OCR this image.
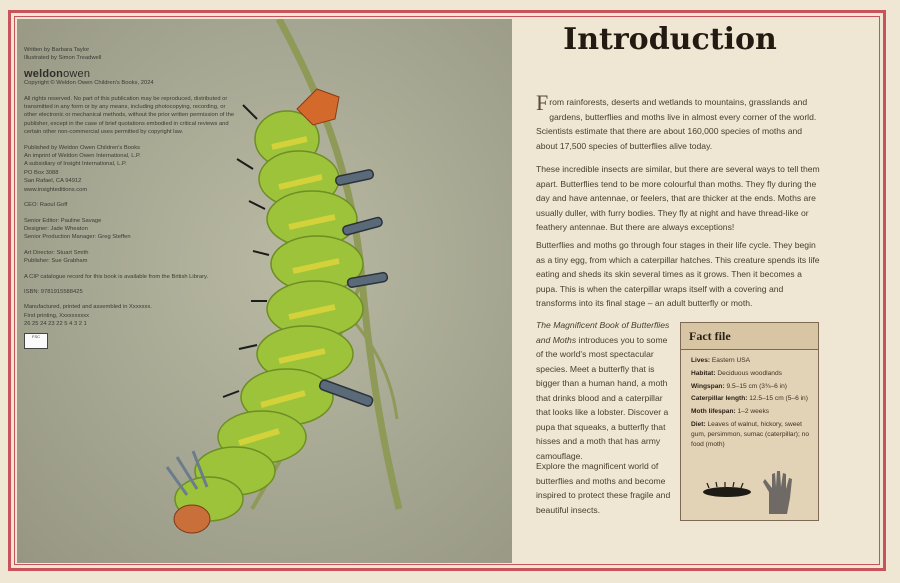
Written by Barbara Taylor
Illustrated by Simon Treadwell

weldonowen

Copyright © Weldon Owen Children's Books, 2024

All rights reserved. No part of this publication may be reproduced, distributed or transmitted in any form or by any means, including photocopying, recording, or other electronic or mechanical methods, without the prior written permission of the publisher, except in the case of brief quotations embodied in critical reviews and certain other non-commercial uses permitted by copyright law.

Published by Weldon Owen Children's Books
An imprint of Weldon Owen International, L.P.
A subsidiary of Insight International, L.P.
PO Box 3088
San Rafael, CA 94912
www.insighteditions.com

CEO: Raoul Goff

Senior Editor: Pauline Savage
Designer: Jade Wheaton
Senior Production Manager: Greg Steffen

Art Director: Stuart Smith
Publisher: Sue Grabham

A CIP catalogue record for this book is available from the British Library.

ISBN: 9781915588425

Manufactured, printed and assembled in Xxxxxxx.
First printing, Xxxxxxxxxx
26 25 24 23 22 5 4 3 2 1
FSC

Introduction
From rainforests, deserts and wetlands to mountains, grasslands and gardens, butterflies and moths live in almost every corner of the world. Scientists estimate that there are about 160,000 species of moths and about 17,500 species of butterflies alive today.
These incredible insects are similar, but there are several ways to tell them apart. Butterflies tend to be more colourful than moths. They fly during the day and have antennae, or feelers, that are thicker at the ends. Moths are usually duller, with furry bodies. They fly at night and have thread-like or feathery antennae. But there are always exceptions!
Butterflies and moths go through four stages in their life cycle. They begin as a tiny egg, from which a caterpillar hatches. This creature spends its life eating and sheds its skin several times as it grows. Then it becomes a pupa. This is when the caterpillar wraps itself with a covering and transforms into its final stage – an adult butterfly or moth.
The Magnificent Book of Butterflies and Moths introduces you to some of the world's most spectacular species. Meet a butterfly that is bigger than a human hand, a moth that drinks blood and a caterpillar that looks like a lobster. Discover a pupa that squeaks, a butterfly that hisses and a moth that has army camouflage.
Explore the magnificent world of butterflies and moths and become inspired to protect these fragile and beautiful insects.
Fact file
Lives: Eastern USA
Habitat: Deciduous woodlands
Wingspan: 9.5–15 cm (3¾–6 in)
Caterpillar length: 12.5–15 cm (5–6 in)
Moth lifespan: 1–2 weeks
Diet: Leaves of walnut, hickory, sweet gum, persimmon, sumac (caterpillar); no food (moth)
